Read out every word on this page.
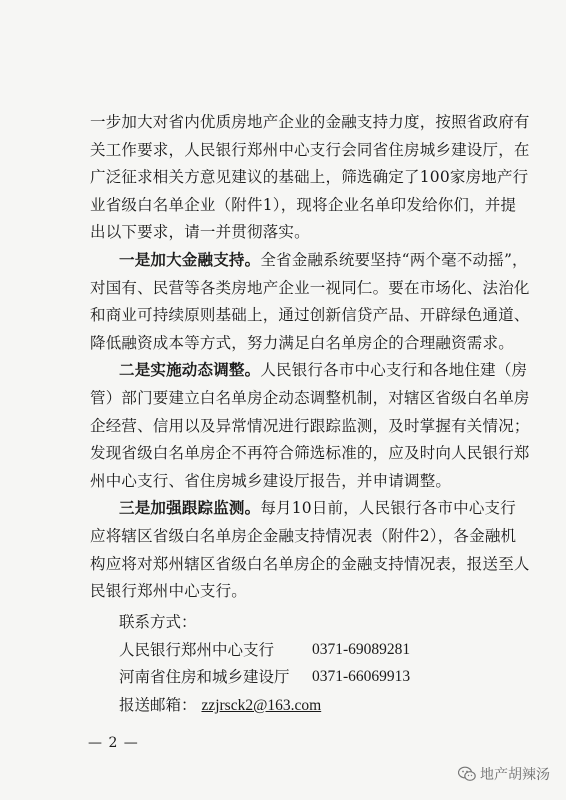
一步加大对省内优质房地产企业的金融支持力度，按照省政府有
关工作要求，人民银行郑州中心支行会同省住房城乡建设厅，在
广泛征求相关方意见建议的基础上，筛选确定了100家房地产行
业省级白名单企业（附件1），现将企业名单印发给你们，并提
出以下要求，请一并贯彻落实。
一是加大金融支持。全省金融系统要坚持“两个毫不动摇”，
对国有、民营等各类房地产企业一视同仁。要在市场化、法治化
和商业可持续原则基础上，通过创新信贷产品、开辟绿色通道、
降低融资成本等方式，努力满足白名单房企的合理融资需求。
二是实施动态调整。人民银行各市中心支行和各地住建（房
管）部门要建立白名单房企动态调整机制，对辖区省级白名单房
企经营、信用以及异常情况进行跟踪监测，及时掌握有关情况；
发现省级白名单房企不再符合筛选标准的，应及时向人民银行郑
州中心支行、省住房城乡建设厅报告，并申请调整。
三是加强跟踪监测。每月10日前，人民银行各市中心支行
应将辖区省级白名单房企金融支持情况表（附件2），各金融机
构应将对郑州辖区省级白名单房企的金融支持情况表，报送至人
民银行郑州中心支行。
联系方式：
人民银行郑州中心支行 0371-69089281
河南省住房和城乡建设厅 0371-66069913
报送邮箱： zzjrsck2@163.com
— 2 —
地产胡辣汤
